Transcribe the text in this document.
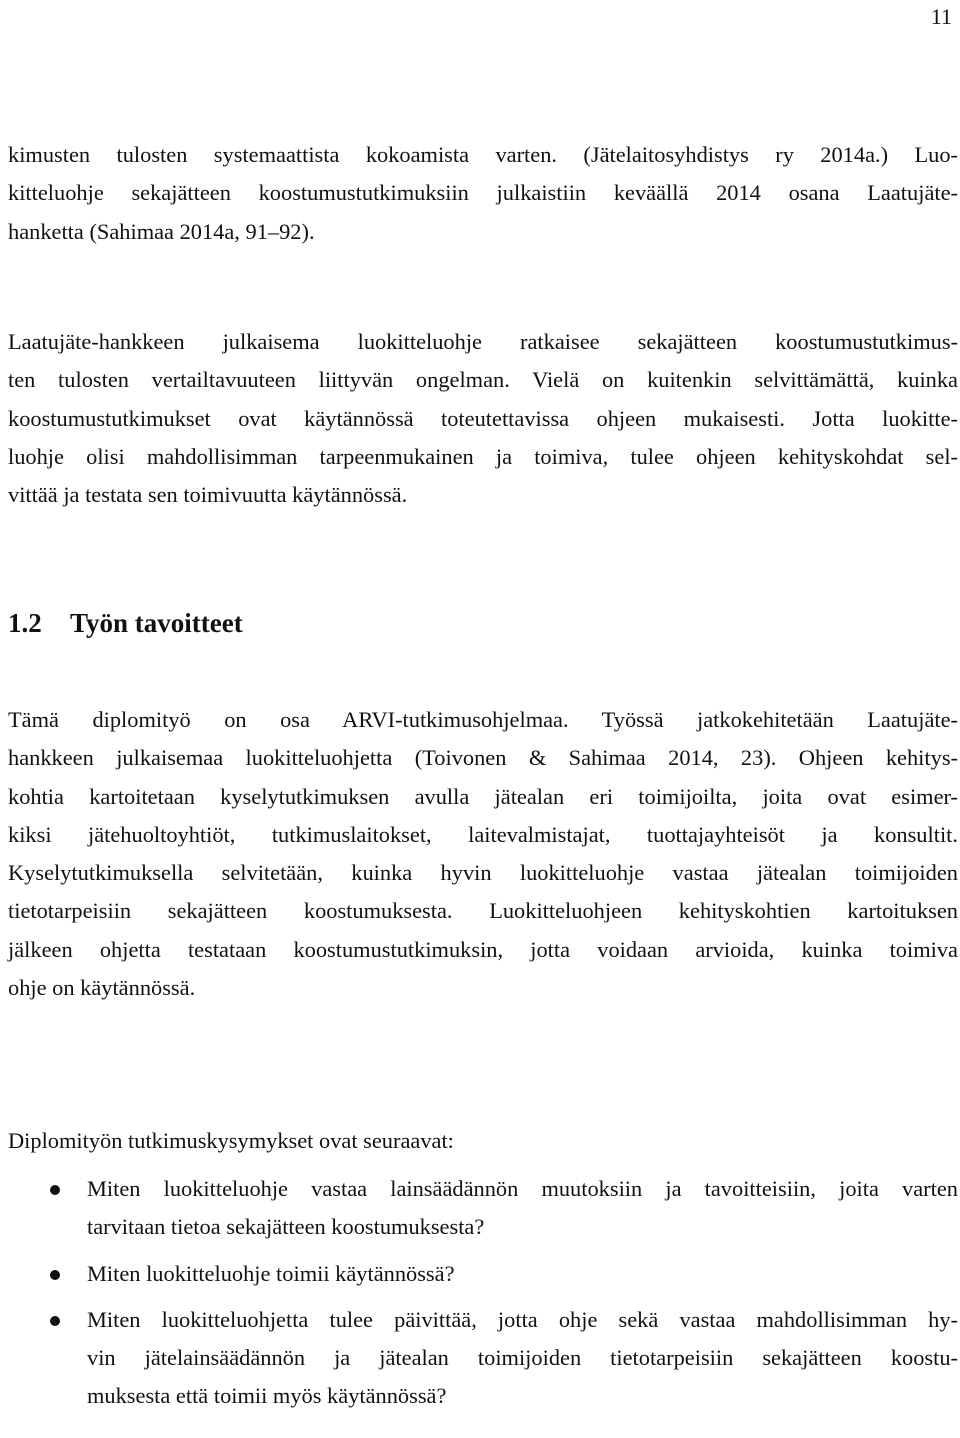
11

kimusten tulosten systemaattista kokoamista varten. (Jätelaitosyhdistys ry 2014a.) Luo-
kitteluohje sekajätteen koostumustutkimuksiin julkaistiin keväällä 2014 osana Laatujäte-
hanketta (Sahimaa 2014a, 91–92).

Laatujäte-hankkeen julkaisema luokitteluohje ratkaisee sekajätteen koostumustutkimus-
ten tulosten vertailtavuuteen liittyvän ongelman. Vielä on kuitenkin selvittämättä, kuinka
koostumustutkimukset ovat käytännössä toteutettavissa ohjeen mukaisesti. Jotta luokitte-
luohje olisi mahdollisimman tarpeenmukainen ja toimiva, tulee ohjeen kehityskohdat sel-
vittää ja testata sen toimivuutta käytännössä.

1.2 Työn tavoitteet

Tämä diplomityö on osa ARVI-tutkimusohjelmaa. Työssä jatkokehitetään Laatujäte-
hankkeen julkaisemaa luokitteluohjetta (Toivonen & Sahimaa 2014, 23). Ohjeen kehitys-
kohtia kartoitetaan kyselytutkimuksen avulla jätealan eri toimijoilta, joita ovat esimer-
kiksi jätehuoltoyhtiöt, tutkimuslaitokset, laitevalmistajat, tuottajayhteisöt ja konsultit.
Kyselytutkimuksella selvitetään, kuinka hyvin luokitteluohje vastaa jätealan toimijoiden
tietotarpeisiin sekajätteen koostumuksesta. Luokitteluohjeen kehityskohtien kartoituksen
jälkeen ohjetta testataan koostumustutkimuksin, jotta voidaan arvioida, kuinka toimiva
ohje on käytännössä.

Diplomityön tutkimuskysymykset ovat seuraavat:

Miten luokitteluohje vastaa lainsäädännön muutoksiin ja tavoitteisiin, joita varten
tarvitaan tietoa sekajätteen koostumuksesta?
Miten luokitteluohje toimii käytännössä?
Miten luokitteluohjetta tulee päivittää, jotta ohje sekä vastaa mahdollisimman hy-
vin jätelainsäädännön ja jätealan toimijoiden tietotarpeisiin sekajätteen koostu-
muksesta että toimii myös käytännössä?
